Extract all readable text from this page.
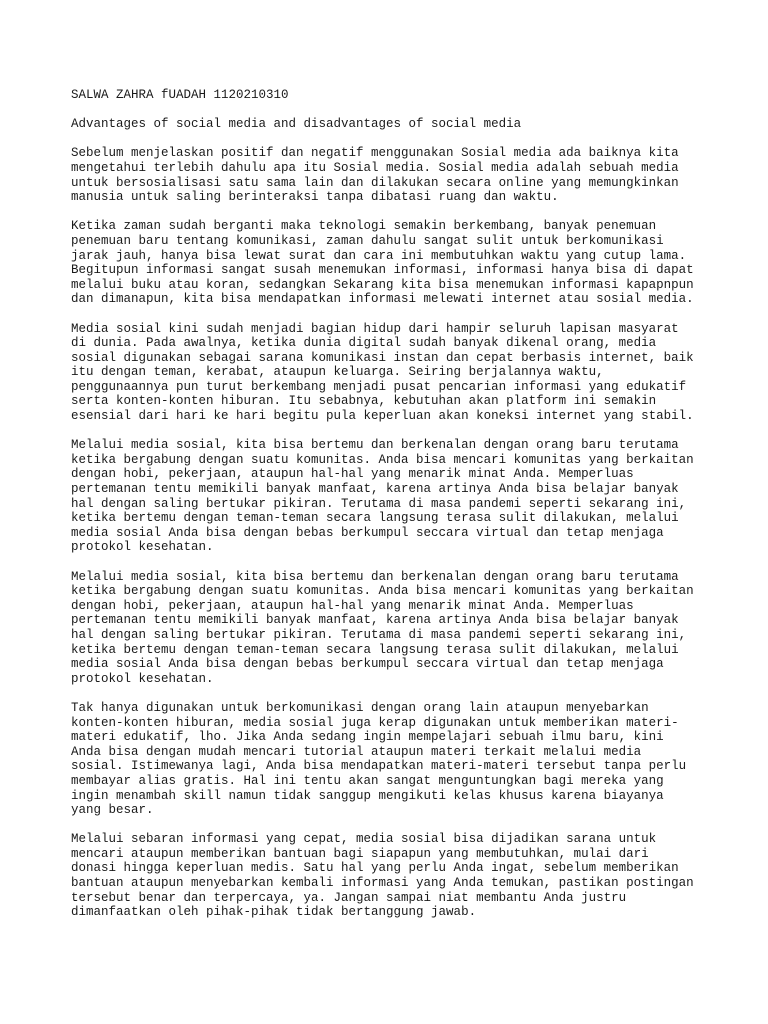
SALWA ZAHRA fUADAH 1120210310
Advantages of social media and disadvantages of social media
Sebelum menjelaskan positif dan negatif menggunakan Sosial media ada baiknya kita
mengetahui terlebih dahulu apa itu Sosial media. Sosial media adalah sebuah media
untuk bersosialisasi satu sama lain dan dilakukan secara online yang memungkinkan
manusia untuk saling berinteraksi tanpa dibatasi ruang dan waktu.
Ketika zaman sudah berganti maka teknologi semakin berkembang, banyak penemuan
penemuan baru tentang komunikasi, zaman dahulu sangat sulit untuk berkomunikasi
jarak jauh, hanya bisa lewat surat dan cara ini membutuhkan waktu yang cutup lama.
Begitupun informasi sangat susah menemukan informasi, informasi hanya bisa di dapat
melalui buku atau koran, sedangkan Sekarang kita bisa menemukan informasi kapapnpun
dan dimanapun, kita bisa mendapatkan informasi melewati internet atau sosial media.
Media sosial kini sudah menjadi bagian hidup dari hampir seluruh lapisan masyarat
di dunia. Pada awalnya, ketika dunia digital sudah banyak dikenal orang, media
sosial digunakan sebagai sarana komunikasi instan dan cepat berbasis internet, baik
itu dengan teman, kerabat, ataupun keluarga. Seiring berjalannya waktu,
penggunaannya pun turut berkembang menjadi pusat pencarian informasi yang edukatif
serta konten-konten hiburan. Itu sebabnya, kebutuhan akan platform ini semakin
esensial dari hari ke hari begitu pula keperluan akan koneksi internet yang stabil.
Melalui media sosial, kita bisa bertemu dan berkenalan dengan orang baru terutama
ketika bergabung dengan suatu komunitas. Anda bisa mencari komunitas yang berkaitan
dengan hobi, pekerjaan, ataupun hal-hal yang menarik minat Anda. Memperluas
pertemanan tentu memikili banyak manfaat, karena artinya Anda bisa belajar banyak
hal dengan saling bertukar pikiran. Terutama di masa pandemi seperti sekarang ini,
ketika bertemu dengan teman-teman secara langsung terasa sulit dilakukan, melalui
media sosial Anda bisa dengan bebas berkumpul seccara virtual dan tetap menjaga
protokol kesehatan.
Melalui media sosial, kita bisa bertemu dan berkenalan dengan orang baru terutama
ketika bergabung dengan suatu komunitas. Anda bisa mencari komunitas yang berkaitan
dengan hobi, pekerjaan, ataupun hal-hal yang menarik minat Anda. Memperluas
pertemanan tentu memikili banyak manfaat, karena artinya Anda bisa belajar banyak
hal dengan saling bertukar pikiran. Terutama di masa pandemi seperti sekarang ini,
ketika bertemu dengan teman-teman secara langsung terasa sulit dilakukan, melalui
media sosial Anda bisa dengan bebas berkumpul seccara virtual dan tetap menjaga
protokol kesehatan.
Tak hanya digunakan untuk berkomunikasi dengan orang lain ataupun menyebarkan
konten-konten hiburan, media sosial juga kerap digunakan untuk memberikan materi-
materi edukatif, lho. Jika Anda sedang ingin mempelajari sebuah ilmu baru, kini
Anda bisa dengan mudah mencari tutorial ataupun materi terkait melalui media
sosial. Istimewanya lagi, Anda bisa mendapatkan materi-materi tersebut tanpa perlu
membayar alias gratis. Hal ini tentu akan sangat menguntungkan bagi mereka yang
ingin menambah skill namun tidak sanggup mengikuti kelas khusus karena biayanya
yang besar.
Melalui sebaran informasi yang cepat, media sosial bisa dijadikan sarana untuk
mencari ataupun memberikan bantuan bagi siapapun yang membutuhkan, mulai dari
donasi hingga keperluan medis. Satu hal yang perlu Anda ingat, sebelum memberikan
bantuan ataupun menyebarkan kembali informasi yang Anda temukan, pastikan postingan
tersebut benar dan terpercaya, ya. Jangan sampai niat membantu Anda justru
dimanfaatkan oleh pihak-pihak tidak bertanggung jawab.
